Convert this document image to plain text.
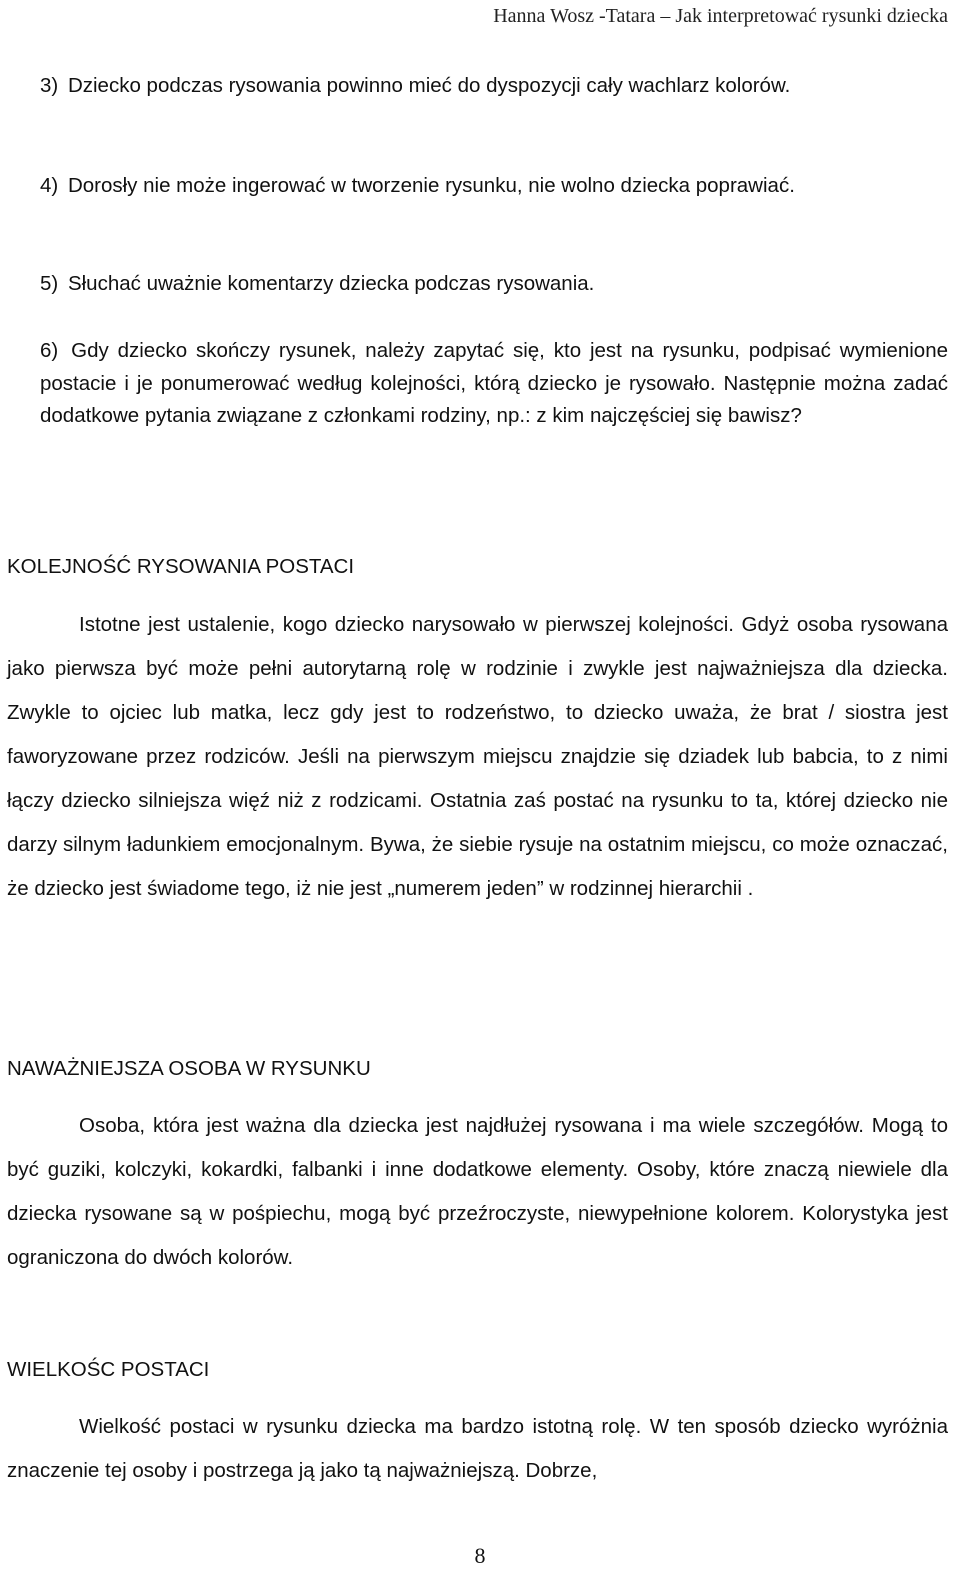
Hanna Wosz -Tatara – Jak interpretować rysunki dziecka

3) Dziecko podczas rysowania powinno mieć do dyspozycji cały wachlarz kolorów.

4) Dorosły nie może ingerować w tworzenie rysunku, nie wolno dziecka poprawiać.

5) Słuchać uważnie komentarzy dziecka podczas rysowania.

6) Gdy dziecko skończy rysunek, należy zapytać się, kto jest na rysunku, podpisać wymienione postacie i je ponumerować według kolejności, którą dziecko je rysowało. Następnie można zadać dodatkowe pytania związane z członkami rodziny, np.: z kim najczęściej się bawisz?

KOLEJNOŚĆ RYSOWANIA POSTACI

Istotne jest ustalenie, kogo dziecko narysowało w pierwszej kolejności. Gdyż osoba rysowana jako pierwsza być może pełni autorytarną rolę w rodzinie i zwykle jest najważniejsza dla dziecka. Zwykle to ojciec lub matka, lecz gdy jest to rodzeństwo, to dziecko uważa, że brat / siostra jest faworyzowane przez rodziców. Jeśli na pierwszym miejscu znajdzie się dziadek lub babcia, to z nimi łączy dziecko silniejsza więź niż z rodzicami. Ostatnia zaś postać na rysunku to ta, której dziecko nie darzy silnym ładunkiem emocjonalnym. Bywa, że siebie rysuje na ostatnim miejscu, co może oznaczać, że dziecko jest świadome tego, iż nie jest „numerem jeden” w rodzinnej hierarchii .

NAWAŻNIEJSZA OSOBA W RYSUNKU

Osoba, która jest ważna dla dziecka jest najdłużej rysowana i ma wiele szczegółów. Mogą to być guziki, kolczyki, kokardki, falbanki i inne dodatkowe elementy. Osoby, które znaczą niewiele dla dziecka rysowane są w pośpiechu, mogą być przeźroczyste, niewypełnione kolorem. Kolorystyka jest ograniczona do dwóch kolorów.

WIELKOŚC POSTACI

Wielkość postaci w rysunku dziecka ma bardzo istotną rolę. W ten sposób dziecko wyróżnia znaczenie tej osoby i postrzega ją jako tą najważniejszą. Dobrze,

8
